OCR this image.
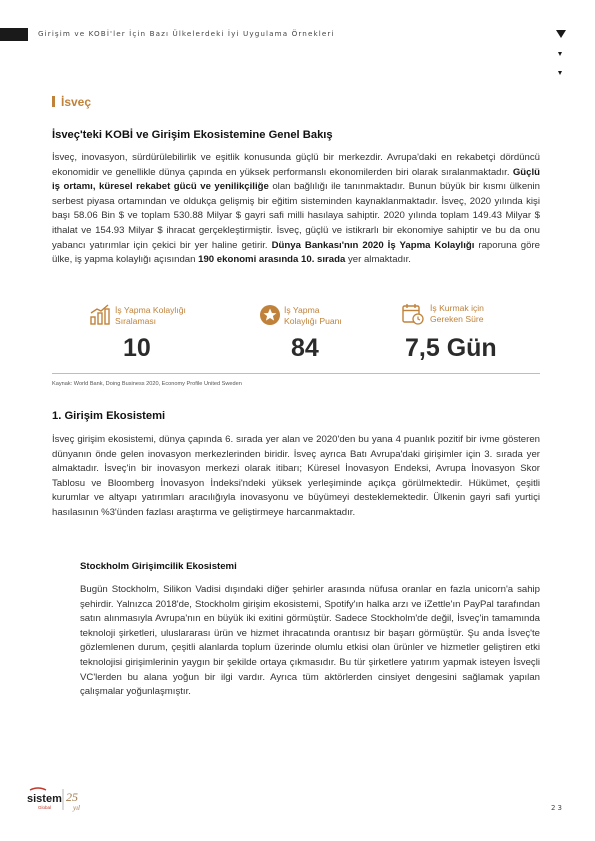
Girişim ve KOBİ'ler İçin Bazı Ülkelerdeki İyi Uygulama Örnekleri
İsveç
İsveç'teki KOBİ ve Girişim Ekosistemine Genel Bakış
İsveç, inovasyon, sürdürülebilirlik ve eşitlik konusunda güçlü bir merkezdir. Avrupa'daki en rekabetçi dördüncü ekonomidir ve genellikle dünya çapında en yüksek performanslı ekonomilerden biri olarak sıralanmaktadır. Güçlü iş ortamı, küresel rekabet gücü ve yenilikçiliğe olan bağlılığı ile tanınmaktadır. Bunun büyük bir kısmı ülkenin serbest piyasa ortamından ve oldukça gelişmiş bir eğitim sisteminden kaynaklanmaktadır. İsveç, 2020 yılında kişi başı 58.06 Bin $ ve toplam 530.88 Milyar $ gayri safi milli hasılaya sahiptir. 2020 yılında toplam 149.43 Milyar $ ithalat ve 154.93 Milyar $ ihracat gerçekleştirmiştir. İsveç, güçlü ve istikrarlı bir ekonomiye sahiptir ve bu da onu yabancı yatırımlar için çekici bir yer haline getirir. Dünya Bankası'nın 2020 İş Yapma Kolaylığı raporuna göre ülke, iş yapma kolaylığı açısından 190 ekonomi arasında 10. sırada yer almaktadır.
İş Yapma Kolaylığı
Sıralaması
10
İş Yapma
Kolaylığı Puanı
84
İş Kurmak için
Gereken Süre
7,5 Gün
Kaynak: World Bank, Doing Business 2020, Economy Profile United Sweden
1. Girişim Ekosistemi
İsveç girişim ekosistemi, dünya çapında 6. sırada yer alan ve 2020'den bu yana 4 puanlık pozitif bir ivme gösteren dünyanın önde gelen inovasyon merkezlerinden biridir. İsveç ayrıca Batı Avrupa'daki girişimler için 3. sırada yer almaktadır. İsveç'in bir inovasyon merkezi olarak itibarı; Küresel İnovasyon Endeksi, Avrupa İnovasyon Skor Tablosu ve Bloomberg İnovasyon İndeksi'ndeki yüksek yerleşiminde açıkça görülmektedir. Hükümet, çeşitli kurumlar ve altyapı yatırımları aracılığıyla inovasyonu ve büyümeyi desteklemektedir. Ülkenin gayri safi yurtiçi hasılasının %3'ünden fazlası araştırma ve geliştirmeye harcanmaktadır.
Stockholm Girişimcilik Ekosistemi
Bugün Stockholm, Silikon Vadisi dışındaki diğer şehirler arasında nüfusa oranlar en fazla unicorn'a sahip şehirdir. Yalnızca 2018'de, Stockholm girişim ekosistemi, Spotify'ın halka arzı ve iZettle'ın PayPal tarafından satın alınmasıyla Avrupa'nın en büyük iki exitini görmüştür. Sadece Stockholm'de değil, İsveç'in tamamında teknoloji şirketleri, uluslararası ürün ve hizmet ihracatında orantısız bir başarı görmüştür. Şu anda İsveç'te gözlemlenen durum, çeşitli alanlarda toplum üzerinde olumlu etkisi olan ürünler ve hizmetler geliştiren etki teknolojisi girişimlerinin yaygın bir şekilde ortaya çıkmasıdır. Bu tür şirketlere yatırım yapmak isteyen İsveçli VC'lerden bu alana yoğun bir ilgi vardır. Ayrıca tüm aktörlerden cinsiyet dengesini sağlamak yapılan çalışmalar yoğunlaşmıştır.
sistem
Global
25
yıl	23
